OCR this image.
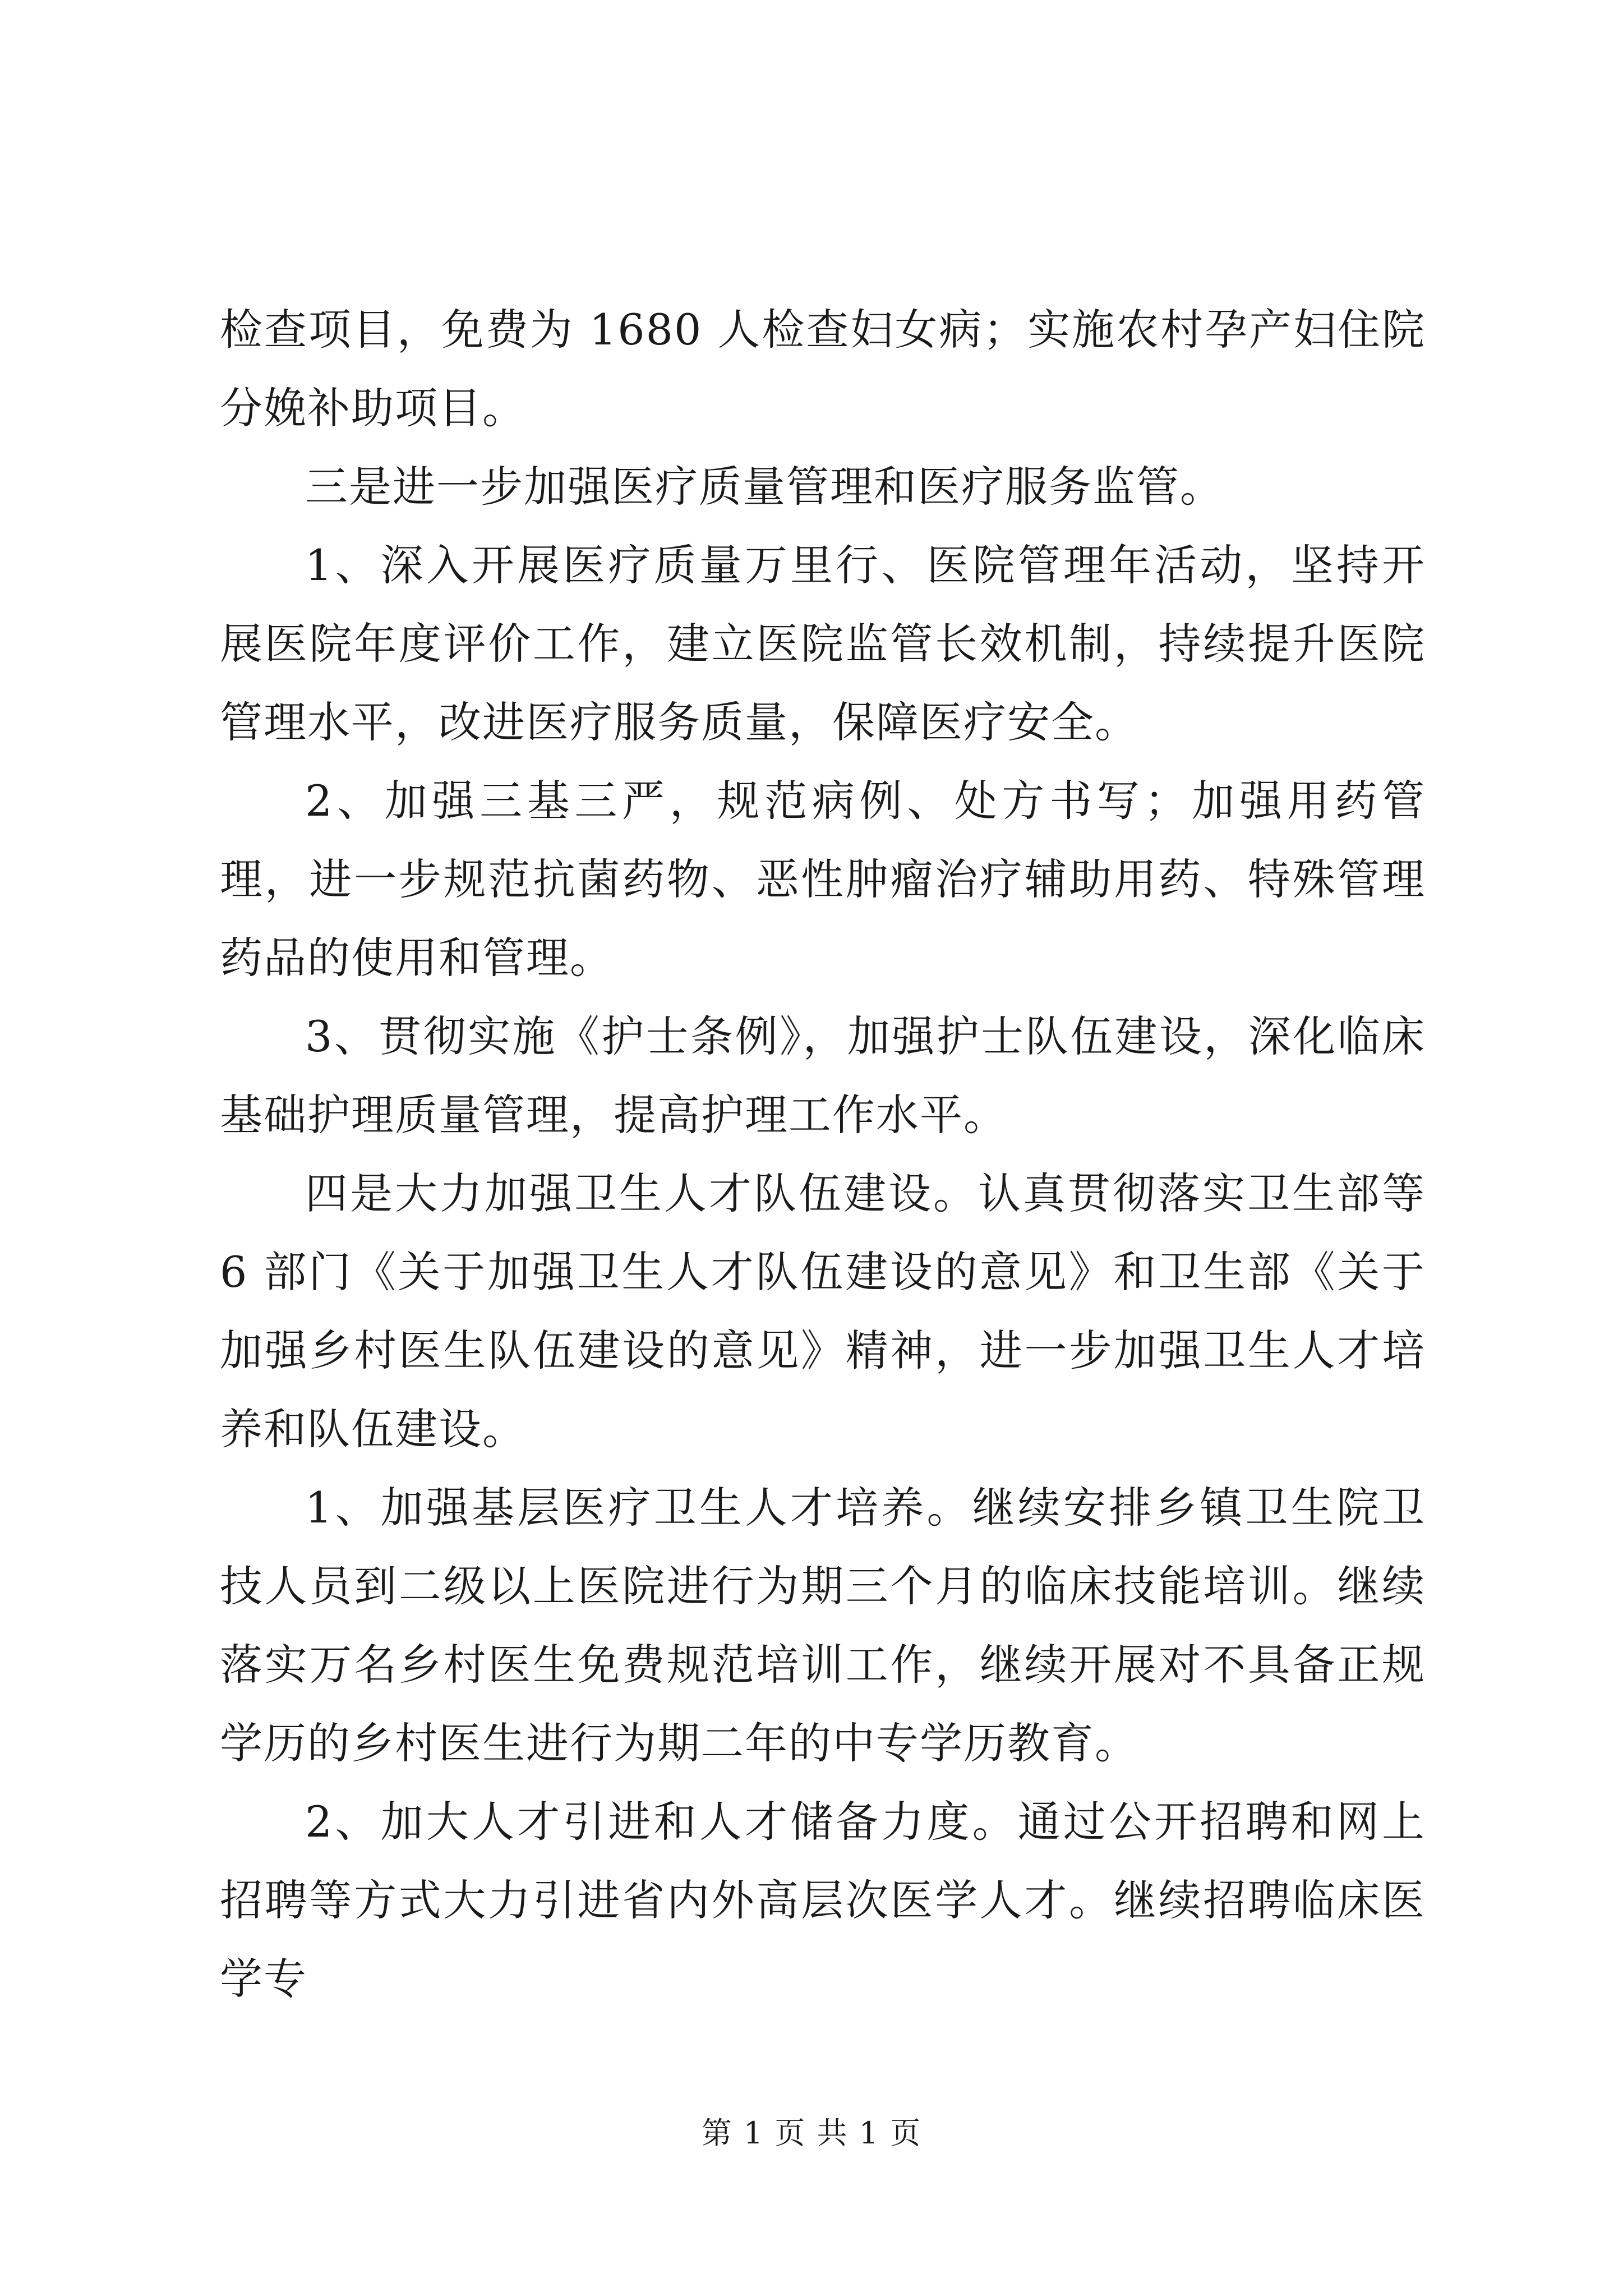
检查项目，免费为 1680 人检查妇女病；实施农村孕产妇住院分娩补助项目。

三是进一步加强医疗质量管理和医疗服务监管。

1、深入开展医疗质量万里行、医院管理年活动，坚持开展医院年度评价工作，建立医院监管长效机制，持续提升医院管理水平，改进医疗服务质量，保障医疗安全。

2、加强三基三严，规范病例、处方书写；加强用药管理，进一步规范抗菌药物、恶性肿瘤治疗辅助用药、特殊管理药品的使用和管理。

3、贯彻实施《护士条例》，加强护士队伍建设，深化临床基础护理质量管理，提高护理工作水平。

四是大力加强卫生人才队伍建设。认真贯彻落实卫生部等 6 部门《关于加强卫生人才队伍建设的意见》和卫生部《关于加强乡村医生队伍建设的意见》精神，进一步加强卫生人才培养和队伍建设。

1、加强基层医疗卫生人才培养。继续安排乡镇卫生院卫技人员到二级以上医院进行为期三个月的临床技能培训。继续落实万名乡村医生免费规范培训工作，继续开展对不具备正规学历的乡村医生进行为期二年的中专学历教育。

2、加大人才引进和人才储备力度。通过公开招聘和网上招聘等方式大力引进省内外高层次医学人才。继续招聘临床医学专

第 1 页 共 1 页
